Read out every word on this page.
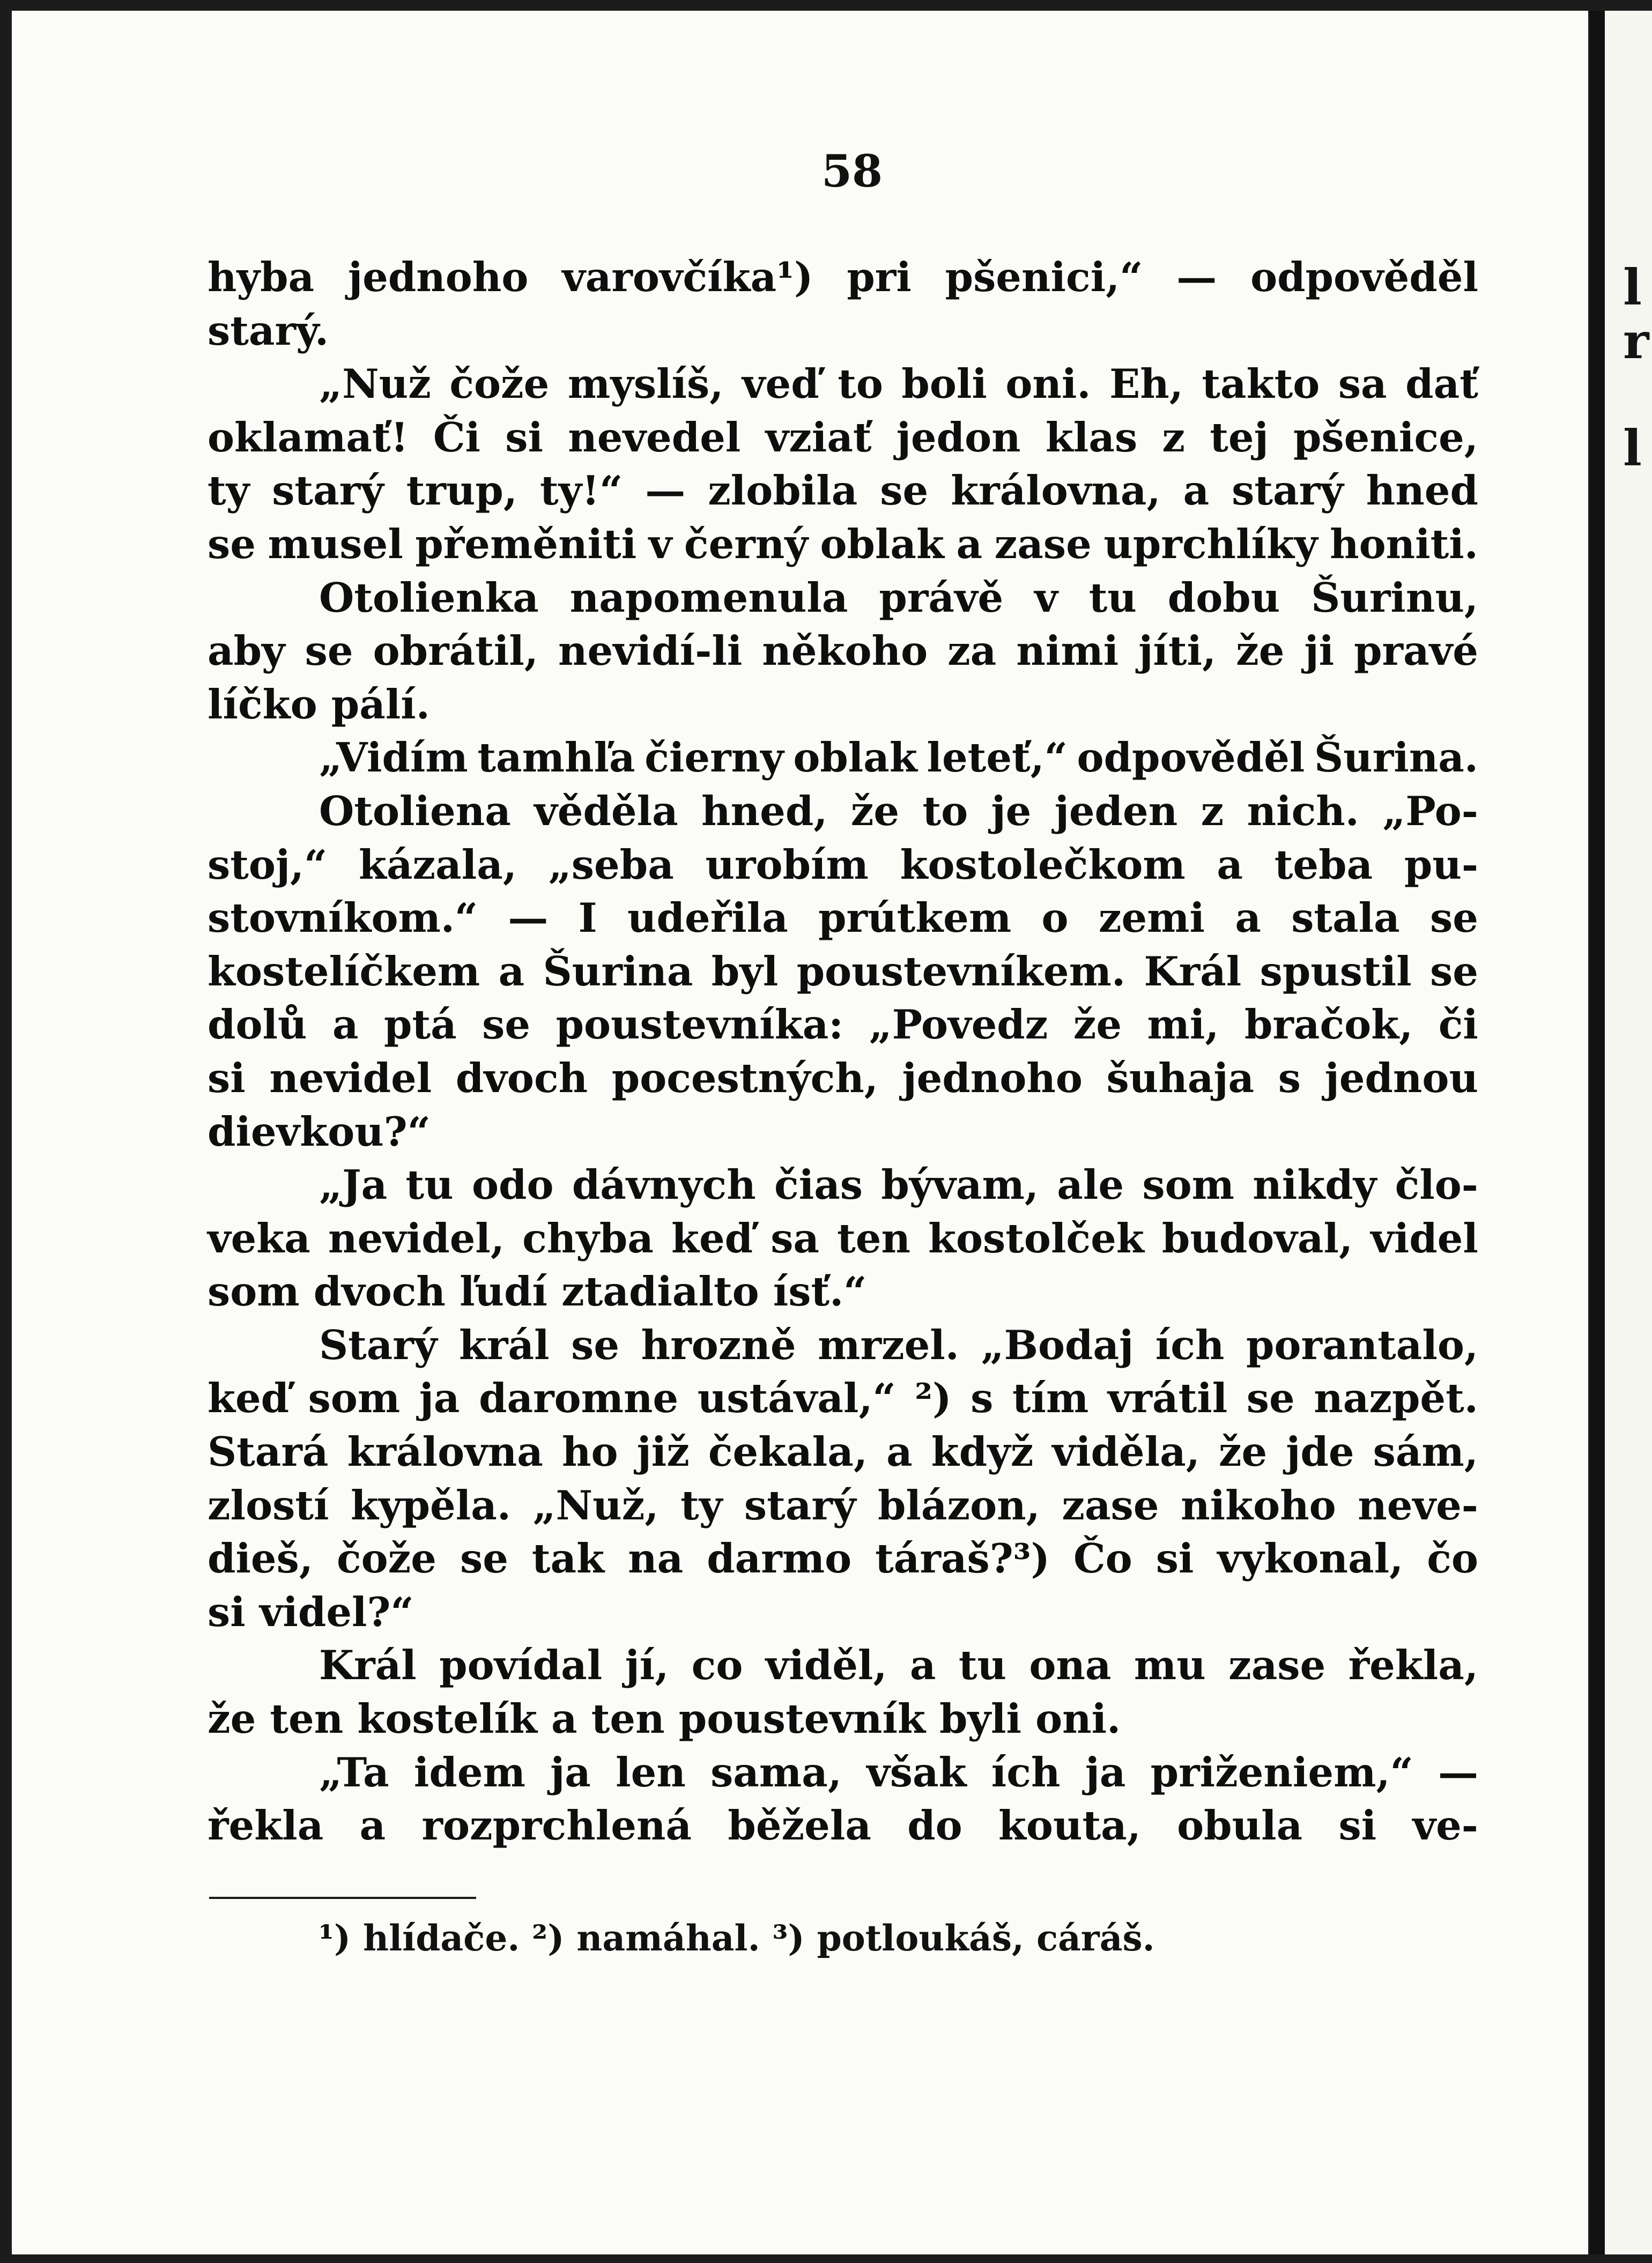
58
hyba jednoho varovčíka¹) pri pšenici,“ — odpověděl
starý.
„Nuž čože myslíš, veď to boli oni. Eh, takto sa dať
oklamať! Či si nevedel vziať jedon klas z tej pšenice,
ty starý trup, ty!“ — zlobila se královna, a starý hned
se musel přeměniti v černý oblak a zase uprchlíky honiti.
Otolienka napomenula právě v tu dobu Šurinu,
aby se obrátil, nevidí-li někoho za nimi jíti, že ji pravé
líčko pálí.
„Vidím tamhľa čierny oblak leteť,“ odpověděl Šurina.
Otoliena věděla hned, že to je jeden z nich. „Po-
stoj,“ kázala, „seba urobím kostolečkom a teba pu-
stovníkom.“ — I udeřila prútkem o zemi a stala se
kostelíčkem a Šurina byl poustevníkem. Král spustil se
dolů a ptá se poustevníka: „Povedz že mi, bračok, či
si nevidel dvoch pocestných, jednoho šuhaja s jednou
dievkou?“
„Ja tu odo dávnych čias bývam, ale som nikdy člo-
veka nevidel, chyba keď sa ten kostolček budoval, videl
som dvoch ľudí ztadialto ísť.“
Starý král se hrozně mrzel. „Bodaj ích porantalo,
keď som ja daromne ustával,“ ²) s tím vrátil se nazpět.
Stará královna ho již čekala, a když viděla, že jde sám,
zlostí kypěla. „Nuž, ty starý blázon, zase nikoho neve-
dieš, čože se tak na darmo táraš?³) Čo si vykonal, čo
si videl?“
Král povídal jí, co viděl, a tu ona mu zase řekla,
že ten kostelík a ten poustevník byli oni.
„Ta idem ja len sama, však ích ja priženiem,“ —
řekla a rozprchlená běžela do kouta, obula si ve-
¹) hlídače. ²) namáhal. ³) potloukáš, cáráš.
l
r
l
